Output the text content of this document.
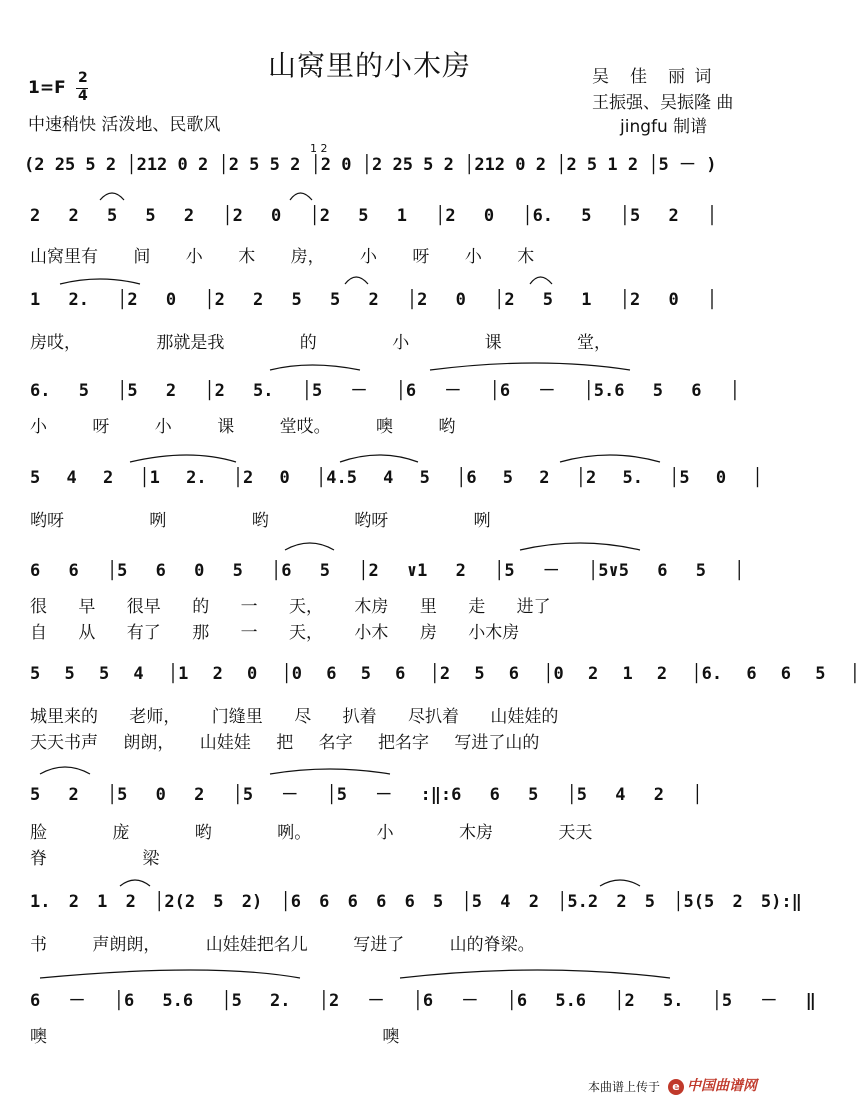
山窝里的小木房
1=F 2
4
中速稍快 活泼地、民歌风
吴　佳　丽 词
王振强、吴振隆 曲
jingfu 制谱
1 2
(2 25 5 2 │212 0 2 │2 5 5 2 │2 0 │2 25 5 2 │212 0 2 │2 5 1 2 │5 － )
2 2 5 5 2 │2 0 │2 5 1 │2 0 │6. 5 │5 2 │
山窝里有 间 小 木 房， 小 呀 小 木
1 2. │2 0 │2 2 5 5 2 │2 0 │2 5 1 │2 0 │
房哎， 那就是我 的 小 课 堂，
6. 5 │5 2 │2 5. │5 － │6 － │6 － │5.6 5 6 │
小 呀 小 课 堂哎。 噢 哟
5 4 2 │1 2. │2 0 │4.5 4 5 │6 5 2 │2 5. │5 0 │
哟呀 咧 哟 哟呀 咧
6 6 │5 6 0 5 │6 5 │2 ∨1 2 │5 － │5∨5 6 5 │
很 早 很早 的 一 天， 木房 里 走 进了
自 从 有了 那 一 天， 小木 房 小木房
5 5 5 4 │1 2 0 │0 6 5 6 │2 5 6 │0 2 1 2 │6. 6 6 5 │
城里来的 老师， 门缝里 尽 扒着 尽扒着 山娃娃的
天天书声 朗朗， 山娃娃 把 名字 把名字 写进了山的
5 2 │5 0 2 │5 － │5 － :‖:6 6 5 │5 4 2 │
脸 庞 哟 咧。 小 木房 天天
脊 梁
1. 2 1 2 │2(2 5 2) │6 6 6 6 6 5 │5 4 2 │5.2 2 5 │5(5 2 5):‖
书 声朗朗， 山娃娃把名儿 写进了 山的脊梁。
6 － │6 5.6 │5 2. │2 － │6 － │6 5.6 │2 5. │5 － ‖
噢 噢
本曲谱上传于	e 中国曲谱网
